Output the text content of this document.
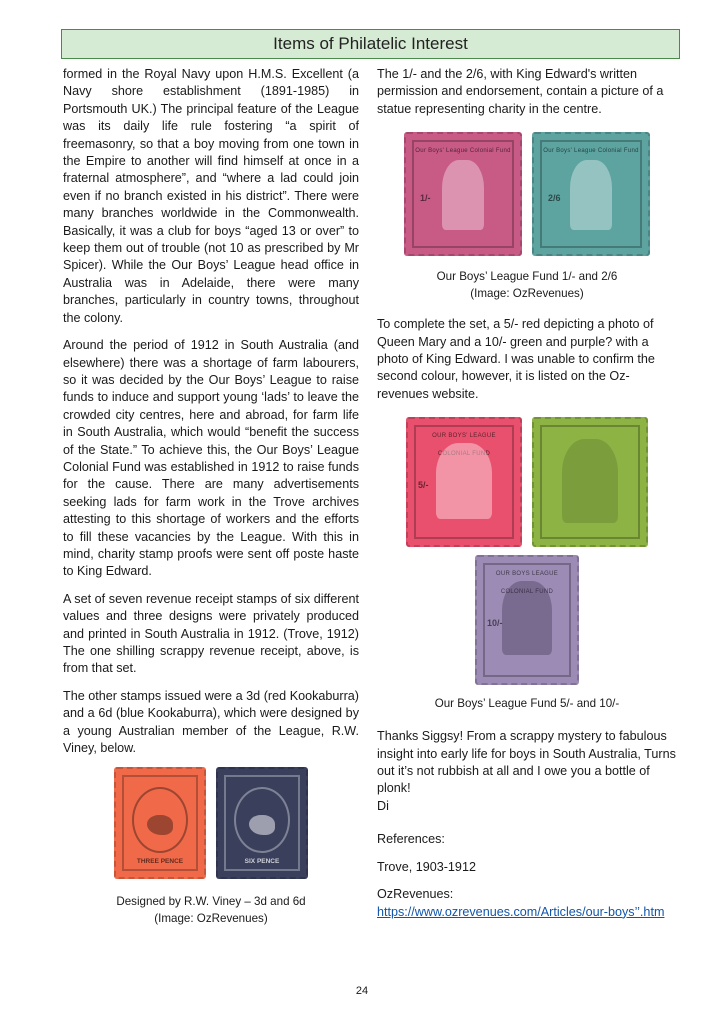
Items of Philatelic Interest

formed in the Royal Navy upon H.M.S. Excellent (a Navy shore establishment (1891-1985) in Portsmouth UK.) The principal feature of the League was its daily life rule fostering “a spirit of freemasonry, so that a boy moving from one town in the Empire to another will find himself at once in a fraternal atmosphere”, and “where a lad could join even if no branch existed in his district”. There were many branches worldwide in the Commonwealth. Basically, it was a club for boys “aged 13 or over” to keep them out of trouble (not 10 as prescribed by Mr Spicer). While the Our Boys’ League head office in Australia was in Adelaide, there were many branches, particularly in country towns, throughout the colony.

Around the period of 1912 in South Australia (and elsewhere) there was a shortage of farm labourers, so it was decided by the Our Boys’ League to raise funds to induce and support young ‘lads’ to leave the crowded city centres, here and abroad, for farm life in South Australia, which would “benefit the success of the State.” To achieve this, the Our Boys’ League Colonial Fund was established in 1912 to raise funds for the cause. There are many advertisements seeking lads for farm work in the Trove archives attesting to this shortage of workers and the efforts to fill these vacancies by the League. With this in mind, charity stamp proofs were sent off poste haste to King Edward.

A set of seven revenue receipt stamps of six different values and three designs were privately produced and printed in South Australia in 1912. (Trove, 1912) The one shilling scrappy revenue receipt, above, is from that set.

The other stamps issued were a 3d (red Kookaburra) and a 6d (blue Kookaburra), which were designed by a young Australian member of the League, R.W. Viney, below.

THREE PENCE	SIX PENCE
Designed by R.W. Viney – 3d and 6d
(Image: OzRevenues)

The 1/- and the 2/6, with King Edward's written permission and endorsement, contain a picture of a statue representing charity in the centre.

Our Boys' League Colonial Fund
1/-
Our Boys' League Colonial Fund
2/6
Our Boys’ League Fund 1/- and 2/6
(Image: OzRevenues)

To complete the set, a 5/- red depicting a photo of Queen Mary and a 10/- green and purple? with a photo of King Edward. I was unable to confirm the second colour, however, it is listed on the Oz-revenues website.

OUR BOYS' LEAGUE COLONIAL FUND
5/-
OUR BOYS LEAGUE COLONIAL FUND
10/-
Our Boys’ League Fund 5/- and 10/-

Thanks Siggsy! From a scrappy mystery to fabulous insight into early life for boys in South Australia, Turns out it’s not rubbish at all and I owe you a bottle of plonk!

Di

References:

Trove, 1903-1912

OzRevenues: https://www.ozrevenues.com/Articles/our-boys’’.htm

24
